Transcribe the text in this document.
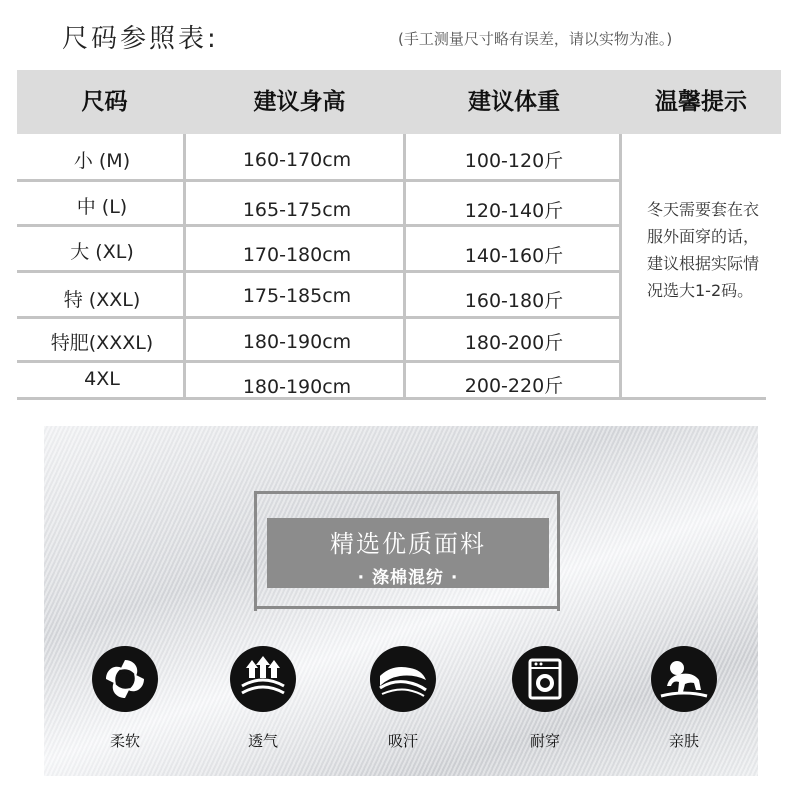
尺码参照表:	(手工测量尺寸略有误差，请以实物为准。)
尺码	建议身高	建议体重	温馨提示
小 (M)	160-170cm	100-120斤
中 (L)	165-175cm	120-140斤
大 (XL)	170-180cm	140-160斤
特 (XXL)	175-185cm	160-180斤
特肥(XXXL)	180-190cm	180-200斤
4XL	180-190cm	200-220斤
冬天需要套在衣服外面穿的话，建议根据实际情况选大1-2码。
精选优质面料
· 涤棉混纺 ·
柔软	透气	吸汗	耐穿	亲肤
